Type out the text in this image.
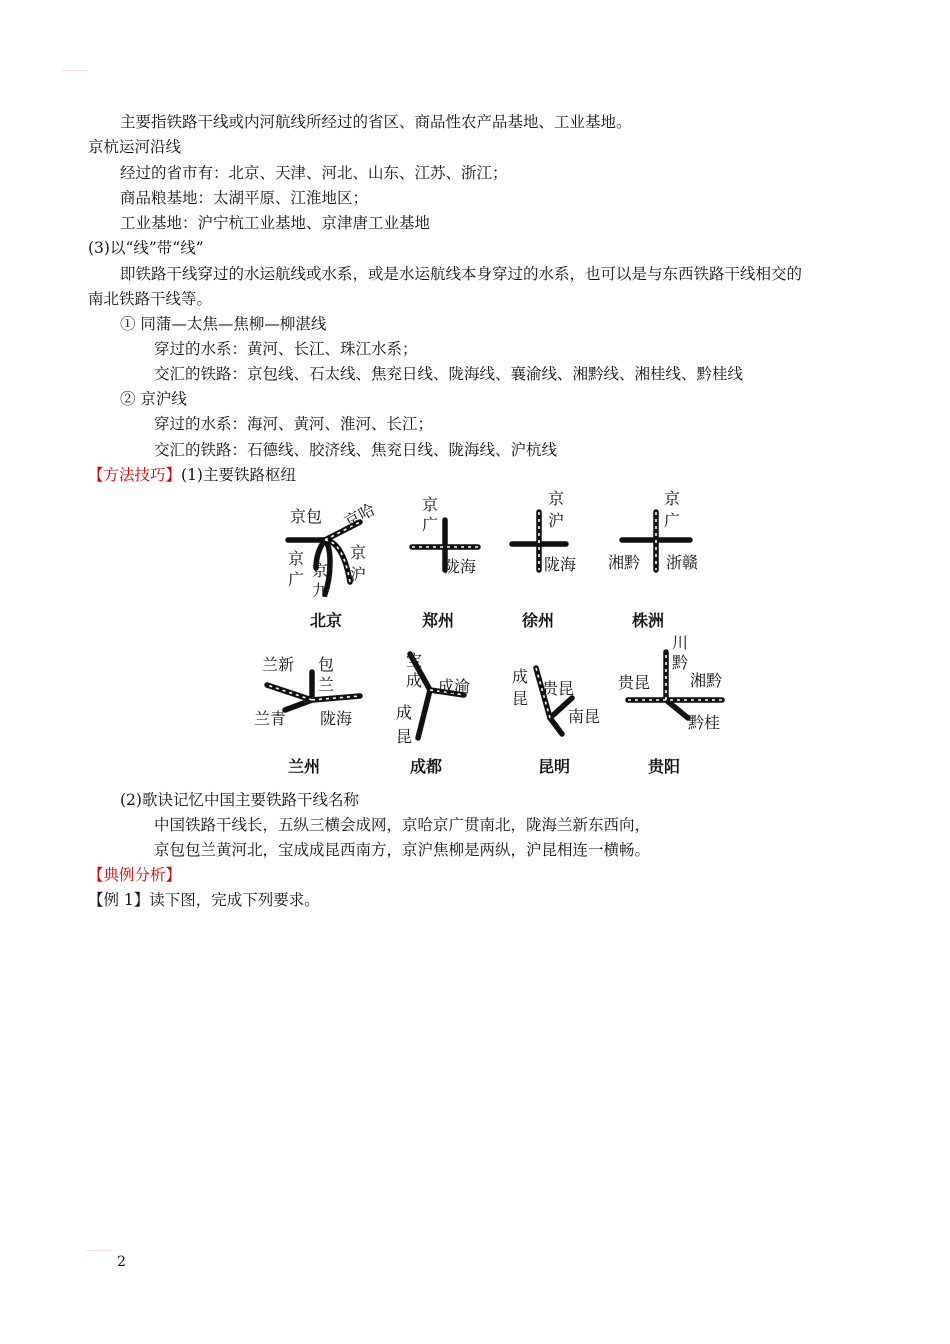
主要指铁路干线或内河航线所经过的省区、商品性农产品基地、工业基地。
京杭运河沿线
经过的省市有：北京、天津、河北、山东、江苏、浙江；
商品粮基地：太湖平原、江淮地区；
工业基地：沪宁杭工业基地、京津唐工业基地
(3)以“线”带“线”
即铁路干线穿过的水运航线或水系，或是水运航线本身穿过的水系，也可以是与东西铁路干线相交的
南北铁路干线等。
① 同蒲—太焦—焦柳—柳湛线
穿过的水系：黄河、长江、珠江水系；
交汇的铁路：京包线、石太线、焦兖日线、陇海线、襄渝线、湘黔线、湘桂线、黔桂线
② 京沪线
穿过的水系：海河、黄河、淮河、长江；
交汇的铁路：石德线、胶济线、焦兖日线、陇海线、沪杭线
【方法技巧】(1)主要铁路枢纽
京包 京哈
京
广 京
九
京
沪
北京
京
广
陇海
郑州
京
沪
陇海
徐州
京
广
湘黔 浙赣
株洲
兰新 包
兰
兰青 陇海
兰州
宝
成 成渝
成
昆
成都
成
昆
贵昆
南昆
昆明
川
黔
贵昆 湘黔
黔桂
贵阳
(2)歌诀记忆中国主要铁路干线名称
中国铁路干线长，五纵三横会成网，京哈京广贯南北，陇海兰新东西向，
京包包兰黄河北，宝成成昆西南方，京沪焦柳是两纵，沪昆相连一横畅。
【典例分析】
【例 1】读下图，完成下列要求。
2
